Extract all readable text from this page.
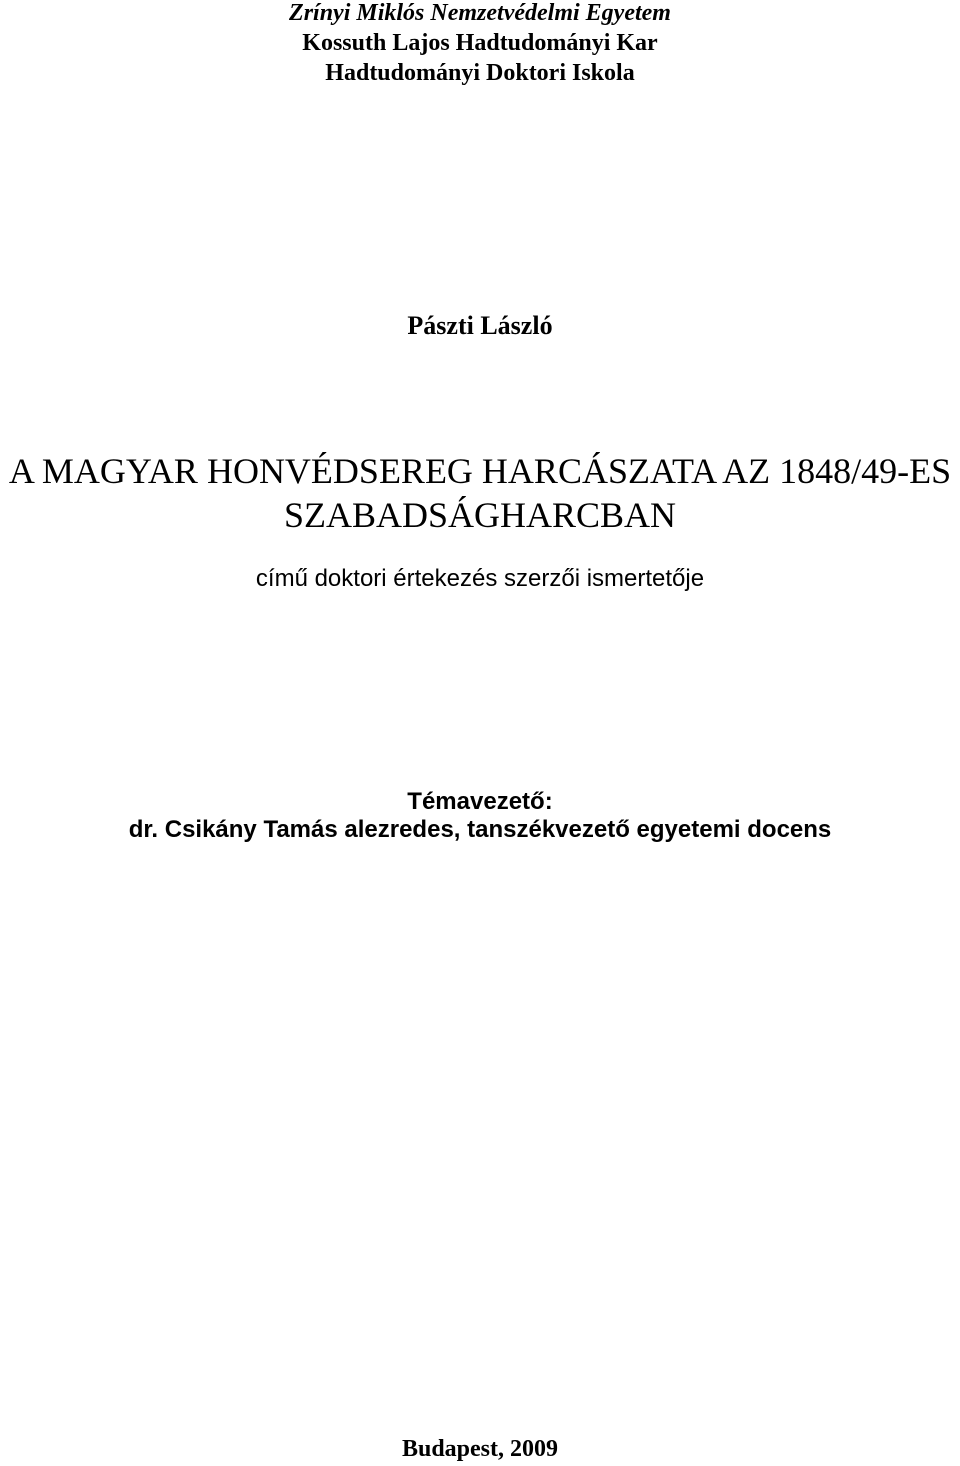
Zrínyi Miklós Nemzetvédelmi Egyetem
Kossuth Lajos Hadtudományi Kar
Hadtudományi Doktori Iskola
Pászti László
A MAGYAR HONVÉDSEREG HARCÁSZATA AZ 1848/49-ES
SZABADSÁGHARCBAN
című doktori értekezés szerzői ismertetője
Témavezető:
dr. Csikány Tamás alezredes, tanszékvezető egyetemi docens
Budapest, 2009
